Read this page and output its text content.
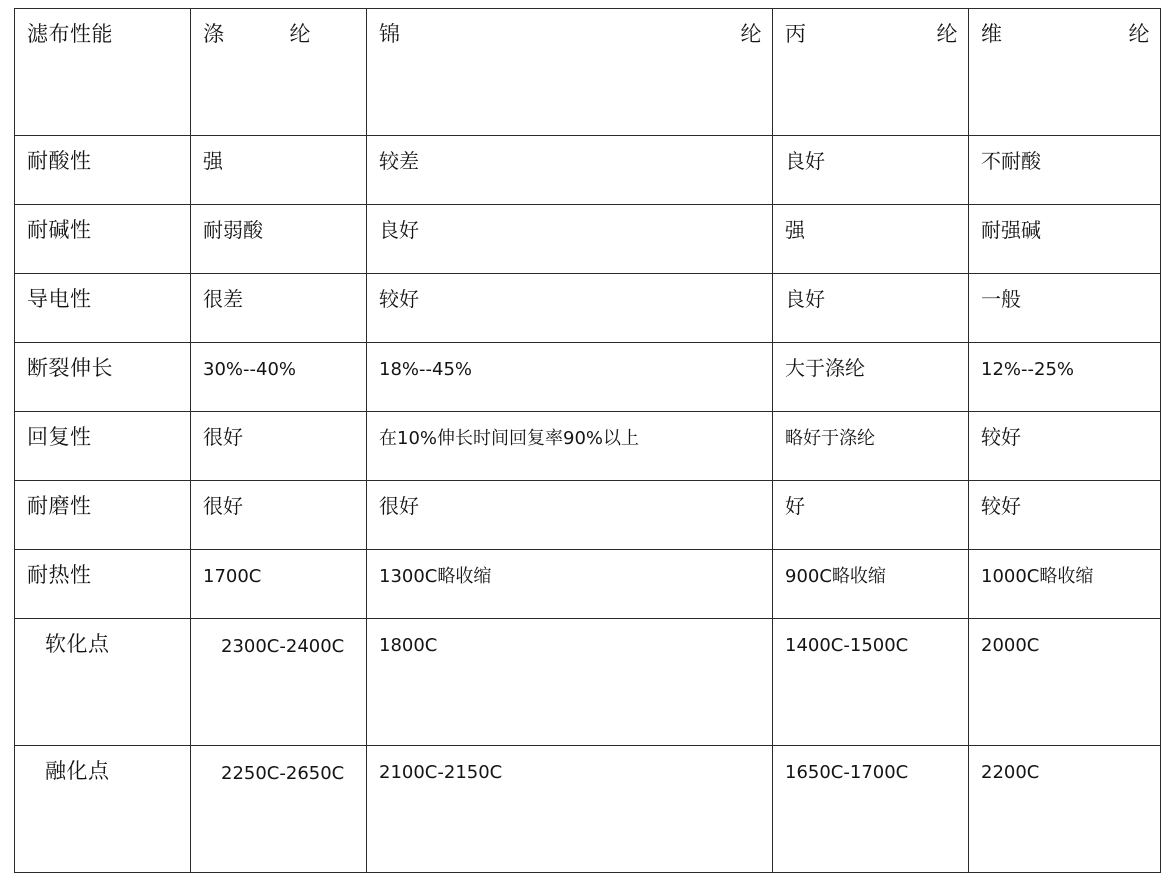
滤布性能	涤纶	锦纶	丙纶	维纶

耐酸性	强	较差	良好	不耐酸
耐碱性	耐弱酸	良好	强	耐强碱
导电性	很差	较好	良好	一般
断裂伸长	30%--40%	18%--45%	大于涤纶	12%--25%
回复性	很好	在10%伸长时间回复率90%以上	略好于涤纶	较好
耐磨性	很好	很好	好	较好
耐热性	1700C	1300C略收缩	900C略收缩	1000C略收缩

软化点	2300C-2400C	1800C	1400C-1500C	2000C

融化点	2250C-2650C	2100C-2150C	1650C-1700C	2200C
